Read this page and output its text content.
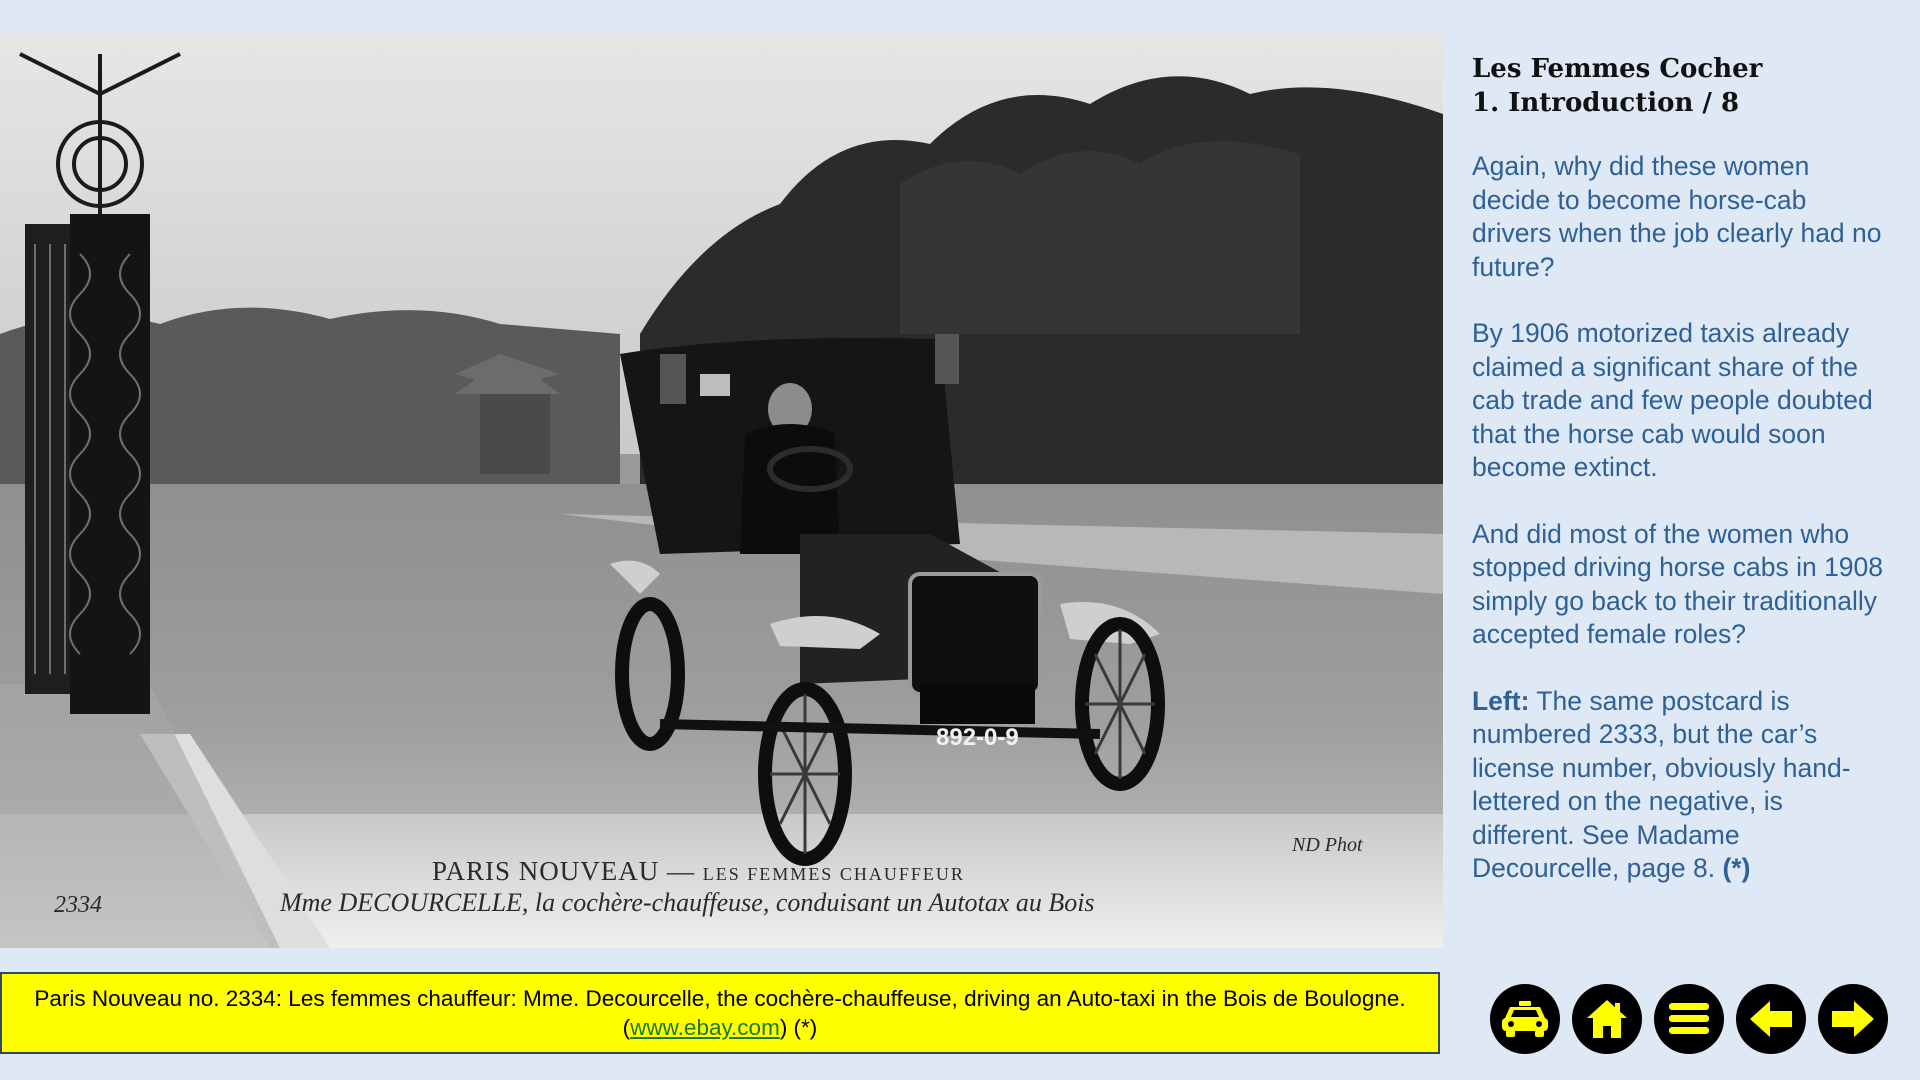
PARIS NOUVEAU — LES FEMMES CHAUFFEUR
Mme DECOURCELLE, la cochère-chauffeuse, conduisant un Autotax au Bois
2334
ND Phot
892-0-9
Les Femmes Cocher
1. Introduction / 8

Again, why did these women decide to become horse-cab drivers when the job clearly had no future?

By 1906 motorized taxis already claimed a significant share of the cab trade and few people doubted that the horse cab would soon become extinct.

And did most of the women who stopped driving horse cabs in 1908 simply go back to their traditionally accepted female roles?

Left: The same postcard is numbered 2333, but the car’s license number, obviously hand-lettered on the negative, is different. See Madame Decourcelle, page 8. (*)

Paris Nouveau no. 2334: Les femmes chauffeur: Mme. Decourcelle, the cochère-chauffeuse, driving an Auto-taxi in the Bois de Boulogne. (www.ebay.com) (*)
